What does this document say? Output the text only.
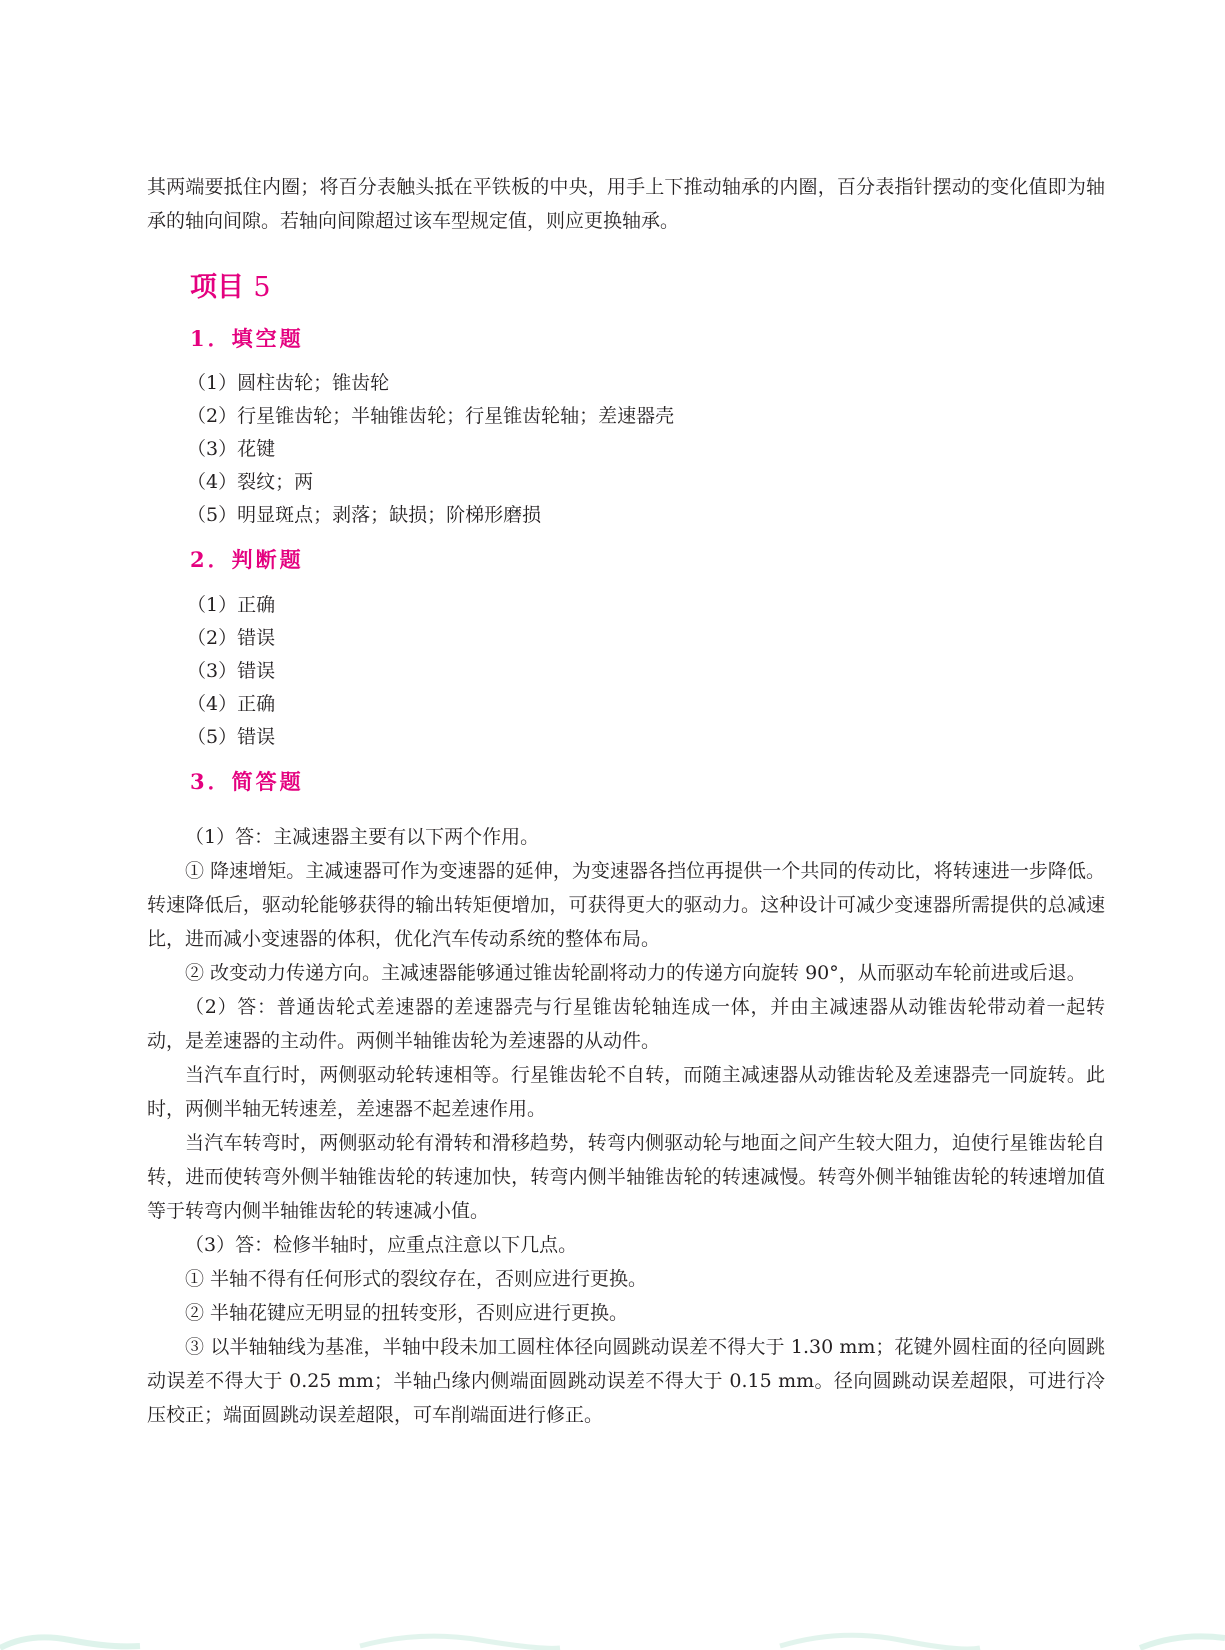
其两端要抵住内圈；将百分表触头抵在平铁板的中央，用手上下推动轴承的内圈，百分表指针摆动的变化值即为轴承的轴向间隙。若轴向间隙超过该车型规定值，则应更换轴承。

项目 5
1．填空题

（1）圆柱齿轮；锥齿轮

（2）行星锥齿轮；半轴锥齿轮；行星锥齿轮轴；差速器壳

（3）花键

（4）裂纹；两

（5）明显斑点；剥落；缺损；阶梯形磨损

2．判断题

（1）正确

（2）错误

（3）错误

（4）正确

（5）错误

3．简答题

（1）答：主减速器主要有以下两个作用。

① 降速增矩。主减速器可作为变速器的延伸，为变速器各挡位再提供一个共同的传动比，将转速进一步降低。转速降低后，驱动轮能够获得的输出转矩便增加，可获得更大的驱动力。这种设计可减少变速器所需提供的总减速比，进而减小变速器的体积，优化汽车传动系统的整体布局。

② 改变动力传递方向。主减速器能够通过锥齿轮副将动力的传递方向旋转 90°，从而驱动车轮前进或后退。

（2）答：普通齿轮式差速器的差速器壳与行星锥齿轮轴连成一体，并由主减速器从动锥齿轮带动着一起转动，是差速器的主动件。两侧半轴锥齿轮为差速器的从动件。

当汽车直行时，两侧驱动轮转速相等。行星锥齿轮不自转，而随主减速器从动锥齿轮及差速器壳一同旋转。此时，两侧半轴无转速差，差速器不起差速作用。

当汽车转弯时，两侧驱动轮有滑转和滑移趋势，转弯内侧驱动轮与地面之间产生较大阻力，迫使行星锥齿轮自转，进而使转弯外侧半轴锥齿轮的转速加快，转弯内侧半轴锥齿轮的转速减慢。转弯外侧半轴锥齿轮的转速增加值等于转弯内侧半轴锥齿轮的转速减小值。

（3）答：检修半轴时，应重点注意以下几点。

① 半轴不得有任何形式的裂纹存在，否则应进行更换。

② 半轴花键应无明显的扭转变形，否则应进行更换。

③ 以半轴轴线为基准，半轴中段未加工圆柱体径向圆跳动误差不得大于 1.30 mm；花键外圆柱面的径向圆跳动误差不得大于 0.25 mm；半轴凸缘内侧端面圆跳动误差不得大于 0.15 mm。径向圆跳动误差超限，可进行冷压校正；端面圆跳动误差超限，可车削端面进行修正。
